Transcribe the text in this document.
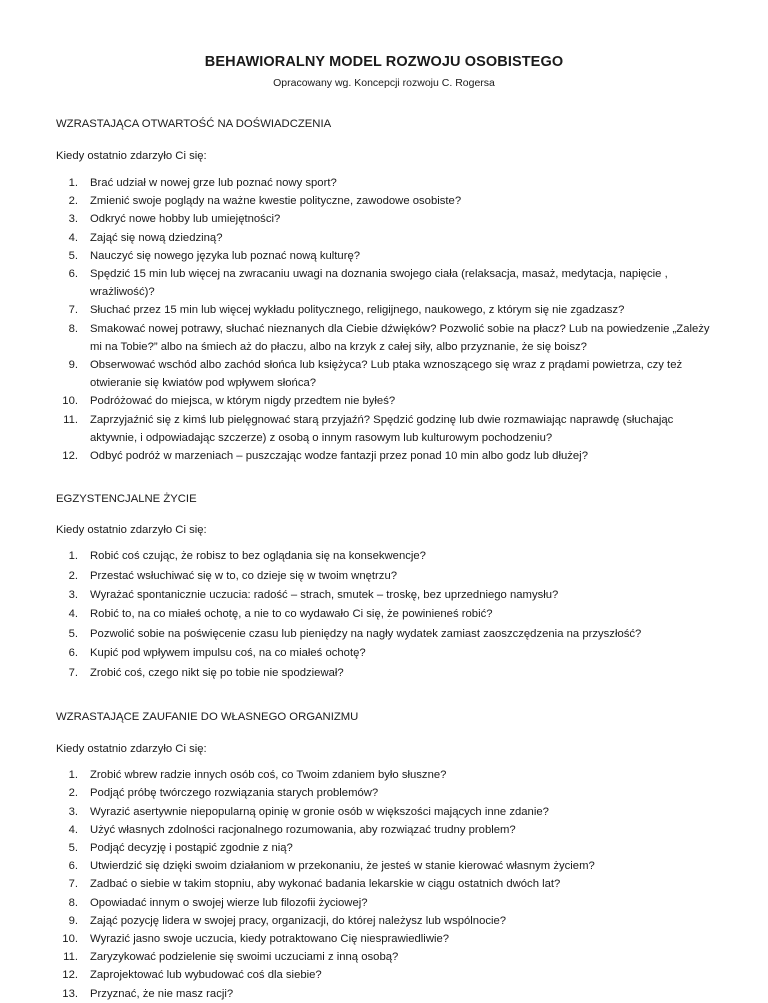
BEHAWIORALNY MODEL ROZWOJU OSOBISTEGO

Opracowany wg. Koncepcji rozwoju C. Rogersa

WZRASTAJĄCA OTWARTOŚĆ NA DOŚWIADCZENIA

Kiedy ostatnio zdarzyło Ci się:

1. Brać udział w nowej grze lub poznać nowy sport?
2. Zmienić swoje poglądy na ważne kwestie polityczne, zawodowe osobiste?
3. Odkryć nowe hobby lub umiejętności?
4. Zająć się nową dziedziną?
5. Nauczyć się nowego języka lub poznać nową kulturę?
6. Spędzić 15 min lub więcej na zwracaniu uwagi na doznania swojego ciała (relaksacja, masaż, medytacja, napięcie , wrażliwość)?
7. Słuchać przez 15 min lub więcej wykładu politycznego, religijnego, naukowego, z którym się nie zgadzasz?
8. Smakować nowej potrawy, słuchać nieznanych dla Ciebie dźwięków? Pozwolić sobie na płacz? Lub na powiedzenie „Zależy mi na Tobie?” albo na śmiech aż do płaczu, albo na krzyk z całej siły, albo przyznanie, że się boisz?
9. Obserwować wschód albo zachód słońca lub księżyca? Lub ptaka wznoszącego się wraz z prądami powietrza, czy też otwieranie się kwiatów pod wpływem słońca?
10. Podróżować do miejsca, w którym nigdy przedtem nie byłeś?
11. Zaprzyjaźnić się z kimś lub pielęgnować starą przyjaźń? Spędzić godzinę lub dwie rozmawiając naprawdę (słuchając aktywnie, i odpowiadając szczerze) z osobą o innym rasowym lub kulturowym pochodzeniu?
12. Odbyć podróż w marzeniach – puszczając wodze fantazji przez ponad 10 min albo godz lub dłużej?

EGZYSTENCJALNE ŻYCIE

Kiedy ostatnio zdarzyło Ci się:

1. Robić coś czując, że robisz to bez oglądania się na konsekwencje?
2. Przestać wsłuchiwać się w to, co dzieje się w twoim wnętrzu?
3. Wyrażać spontanicznie uczucia: radość – strach, smutek – troskę, bez uprzedniego namysłu?
4. Robić to, na co miałeś ochotę, a nie to co wydawało Ci się, że powinieneś robić?
5. Pozwolić sobie na poświęcenie czasu lub pieniędzy na nagły wydatek zamiast zaoszczędzenia na przyszłość?
6. Kupić pod wpływem impulsu coś, na co miałeś ochotę?
7. Zrobić coś, czego nikt się po tobie nie spodziewał?

WZRASTAJĄCE ZAUFANIE DO WŁASNEGO ORGANIZMU

Kiedy ostatnio zdarzyło Ci się:

1. Zrobić wbrew radzie innych osób coś, co Twoim zdaniem było słuszne?
2. Podjąć próbę twórczego rozwiązania starych problemów?
3. Wyrazić asertywnie niepopularną opinię w gronie osób w większości mających inne zdanie?
4. Użyć własnych zdolności racjonalnego rozumowania, aby rozwiązać trudny problem?
5. Podjąć decyzję i postąpić zgodnie z nią?
6. Utwierdzić się dzięki swoim działaniom w przekonaniu, że jesteś w stanie kierować własnym życiem?
7. Zadbać o siebie w takim stopniu, aby wykonać badania lekarskie w ciągu ostatnich dwóch lat?
8. Opowiadać innym o swojej wierze lub filozofii życiowej?
9. Zająć pozycję lidera w swojej pracy, organizacji, do której należysz lub wspólnocie?
10. Wyrazić jasno swoje uczucia, kiedy potraktowano Cię niesprawiedliwie?
11. Zaryzykować podzielenie się swoimi uczuciami z inną osobą?
12. Zaprojektować lub wybudować coś dla siebie?
13. Przyznać, że nie masz racji?
